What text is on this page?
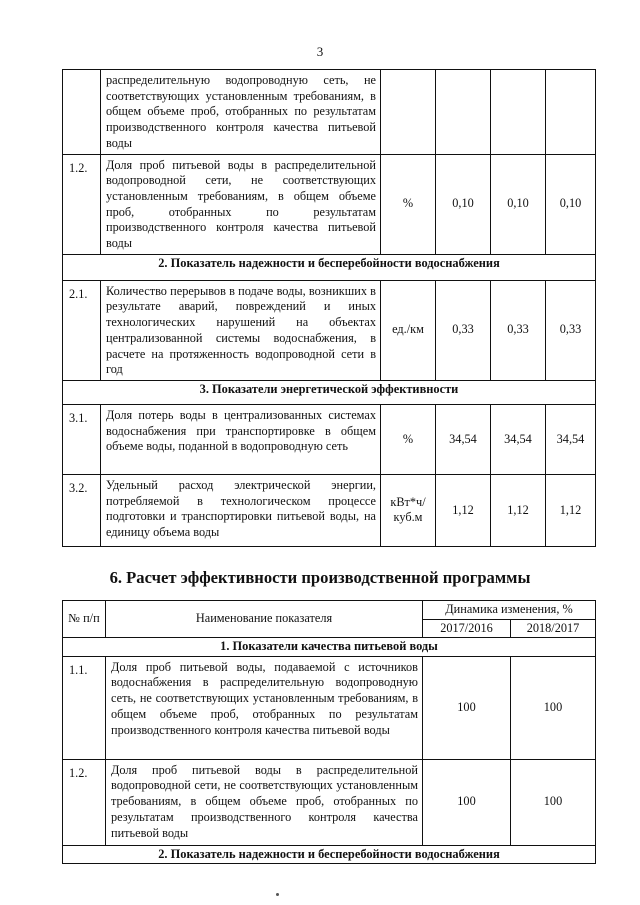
3
	распределительную водопроводную сеть, не соответствующих установленным требованиям, в общем объеме проб, отобранных по результатам производственного контроля качества питьевой воды				
1.2.	Доля проб питьевой воды в распределительной водопроводной сети, не соответствующих установленным требованиям, в общем объеме проб, отобранных по результатам производственного контроля качества питьевой воды	%	0,10	0,10	0,10
2. Показатель надежности и бесперебойности водоснабжения					
2.1.	Количество перерывов в подаче воды, возникших в результате аварий, повреждений и иных технологических нарушений на объектах централизованной системы водоснабжения, в расчете на протяженность водопроводной сети в год	ед./км	0,33	0,33	0,33
3. Показатели энергетической эффективности					
3.1.	Доля потерь воды в централизованных системах водоснабжения при транспортировке в общем объеме воды, поданной в водопроводную сеть	%	34,54	34,54	34,54
3.2.	Удельный расход электрической энергии, потребляемой в технологическом процессе подготовки и транспортировки питьевой воды, на единицу объема воды	кВт*ч/ куб.м	1,12	1,12	1,12
6. Расчет эффективности производственной программы
№ п/п	Наименование показателя	Динамика изменения, %	
		2017/2016	2018/2017
1. Показатели качества питьевой воды			
1.1.	Доля проб питьевой воды, подаваемой с источников водоснабжения в распределительную водопроводную сеть, не соответствующих установленным требованиям, в общем объеме проб, отобранных по результатам производственного контроля качества питьевой воды	100	100
1.2.	Доля проб питьевой воды в распределительной водопроводной сети, не соответствующих установленным требованиям, в общем объеме проб, отобранных по результатам производственного контроля качества питьевой воды	100	100
2. Показатель надежности и бесперебойности водоснабжения			
